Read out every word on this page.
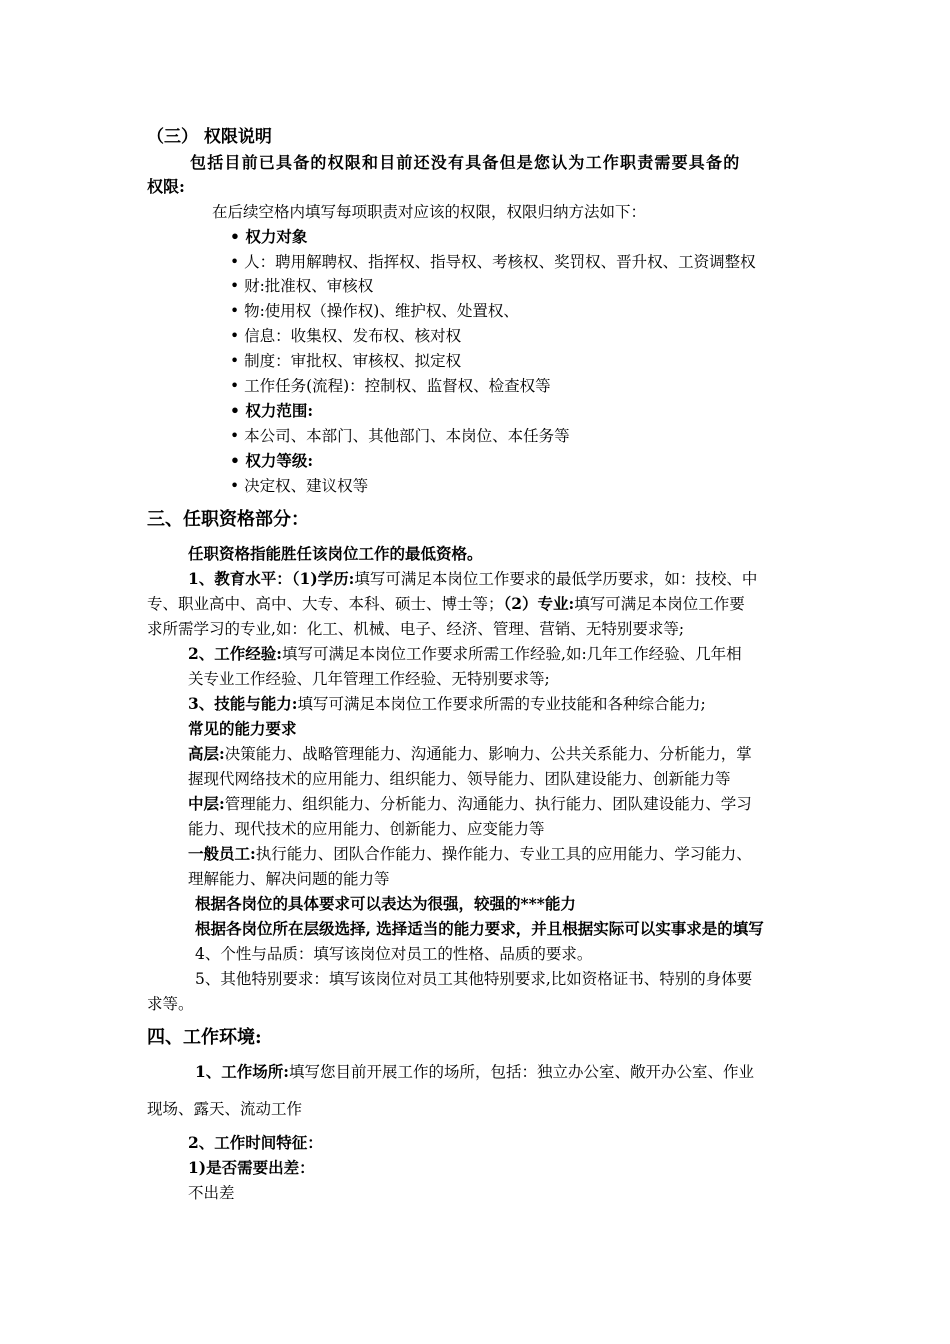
（三） 权限说明
包括目前已具备的权限和目前还没有具备但是您认为工作职责需要具备的
权限:
在后续空格内填写每项职责对应该的权限，权限归纳方法如下：
• 权力对象
• 人：聘用解聘权、指挥权、指导权、考核权、奖罚权、晋升权、工资调整权
• 财:批准权、审核权
• 物:使用权（操作权)、维护权、处置权、
• 信息：收集权、发布权、核对权
• 制度：审批权、审核权、拟定权
• 工作任务(流程)：控制权、监督权、检查权等
• 权力范围:
• 本公司、本部门、其他部门、本岗位、本任务等
• 权力等级:
• 决定权、建议权等
三、任职资格部分：
任职资格指能胜任该岗位工作的最低资格。
1、教育水平：（1)学历:填写可满足本岗位工作要求的最低学历要求，如：技校、中
专、职业高中、高中、大专、本科、硕士、博士等；（2）专业:填写可满足本岗位工作要
求所需学习的专业,如：化工、机械、电子、经济、管理、营销、无特别要求等;
2、工作经验:填写可满足本岗位工作要求所需工作经验,如:几年工作经验、几年相
关专业工作经验、几年管理工作经验、无特别要求等;
3、技能与能力:填写可满足本岗位工作要求所需的专业技能和各种综合能力;
常见的能力要求
高层:决策能力、战略管理能力、沟通能力、影响力、公共关系能力、分析能力，掌
握现代网络技术的应用能力、组织能力、领导能力、团队建设能力、创新能力等
中层:管理能力、组织能力、分析能力、沟通能力、执行能力、团队建设能力、学习
能力、现代技术的应用能力、创新能力、应变能力等
一般员工:执行能力、团队合作能力、操作能力、专业工具的应用能力、学习能力、
理解能力、解决问题的能力等
根据各岗位的具体要求可以表达为很强，较强的***能力
根据各岗位所在层级选择, 选择适当的能力要求，并且根据实际可以实事求是的填写
4、个性与品质：填写该岗位对员工的性格、品质的要求。
5、其他特别要求：填写该岗位对员工其他特别要求,比如资格证书、特别的身体要
求等。
四、工作环境:
1、工作场所:填写您目前开展工作的场所，包括：独立办公室、敞开办公室、作业
现场、露天、流动工作
2、工作时间特征：
1)是否需要出差：
不出差
